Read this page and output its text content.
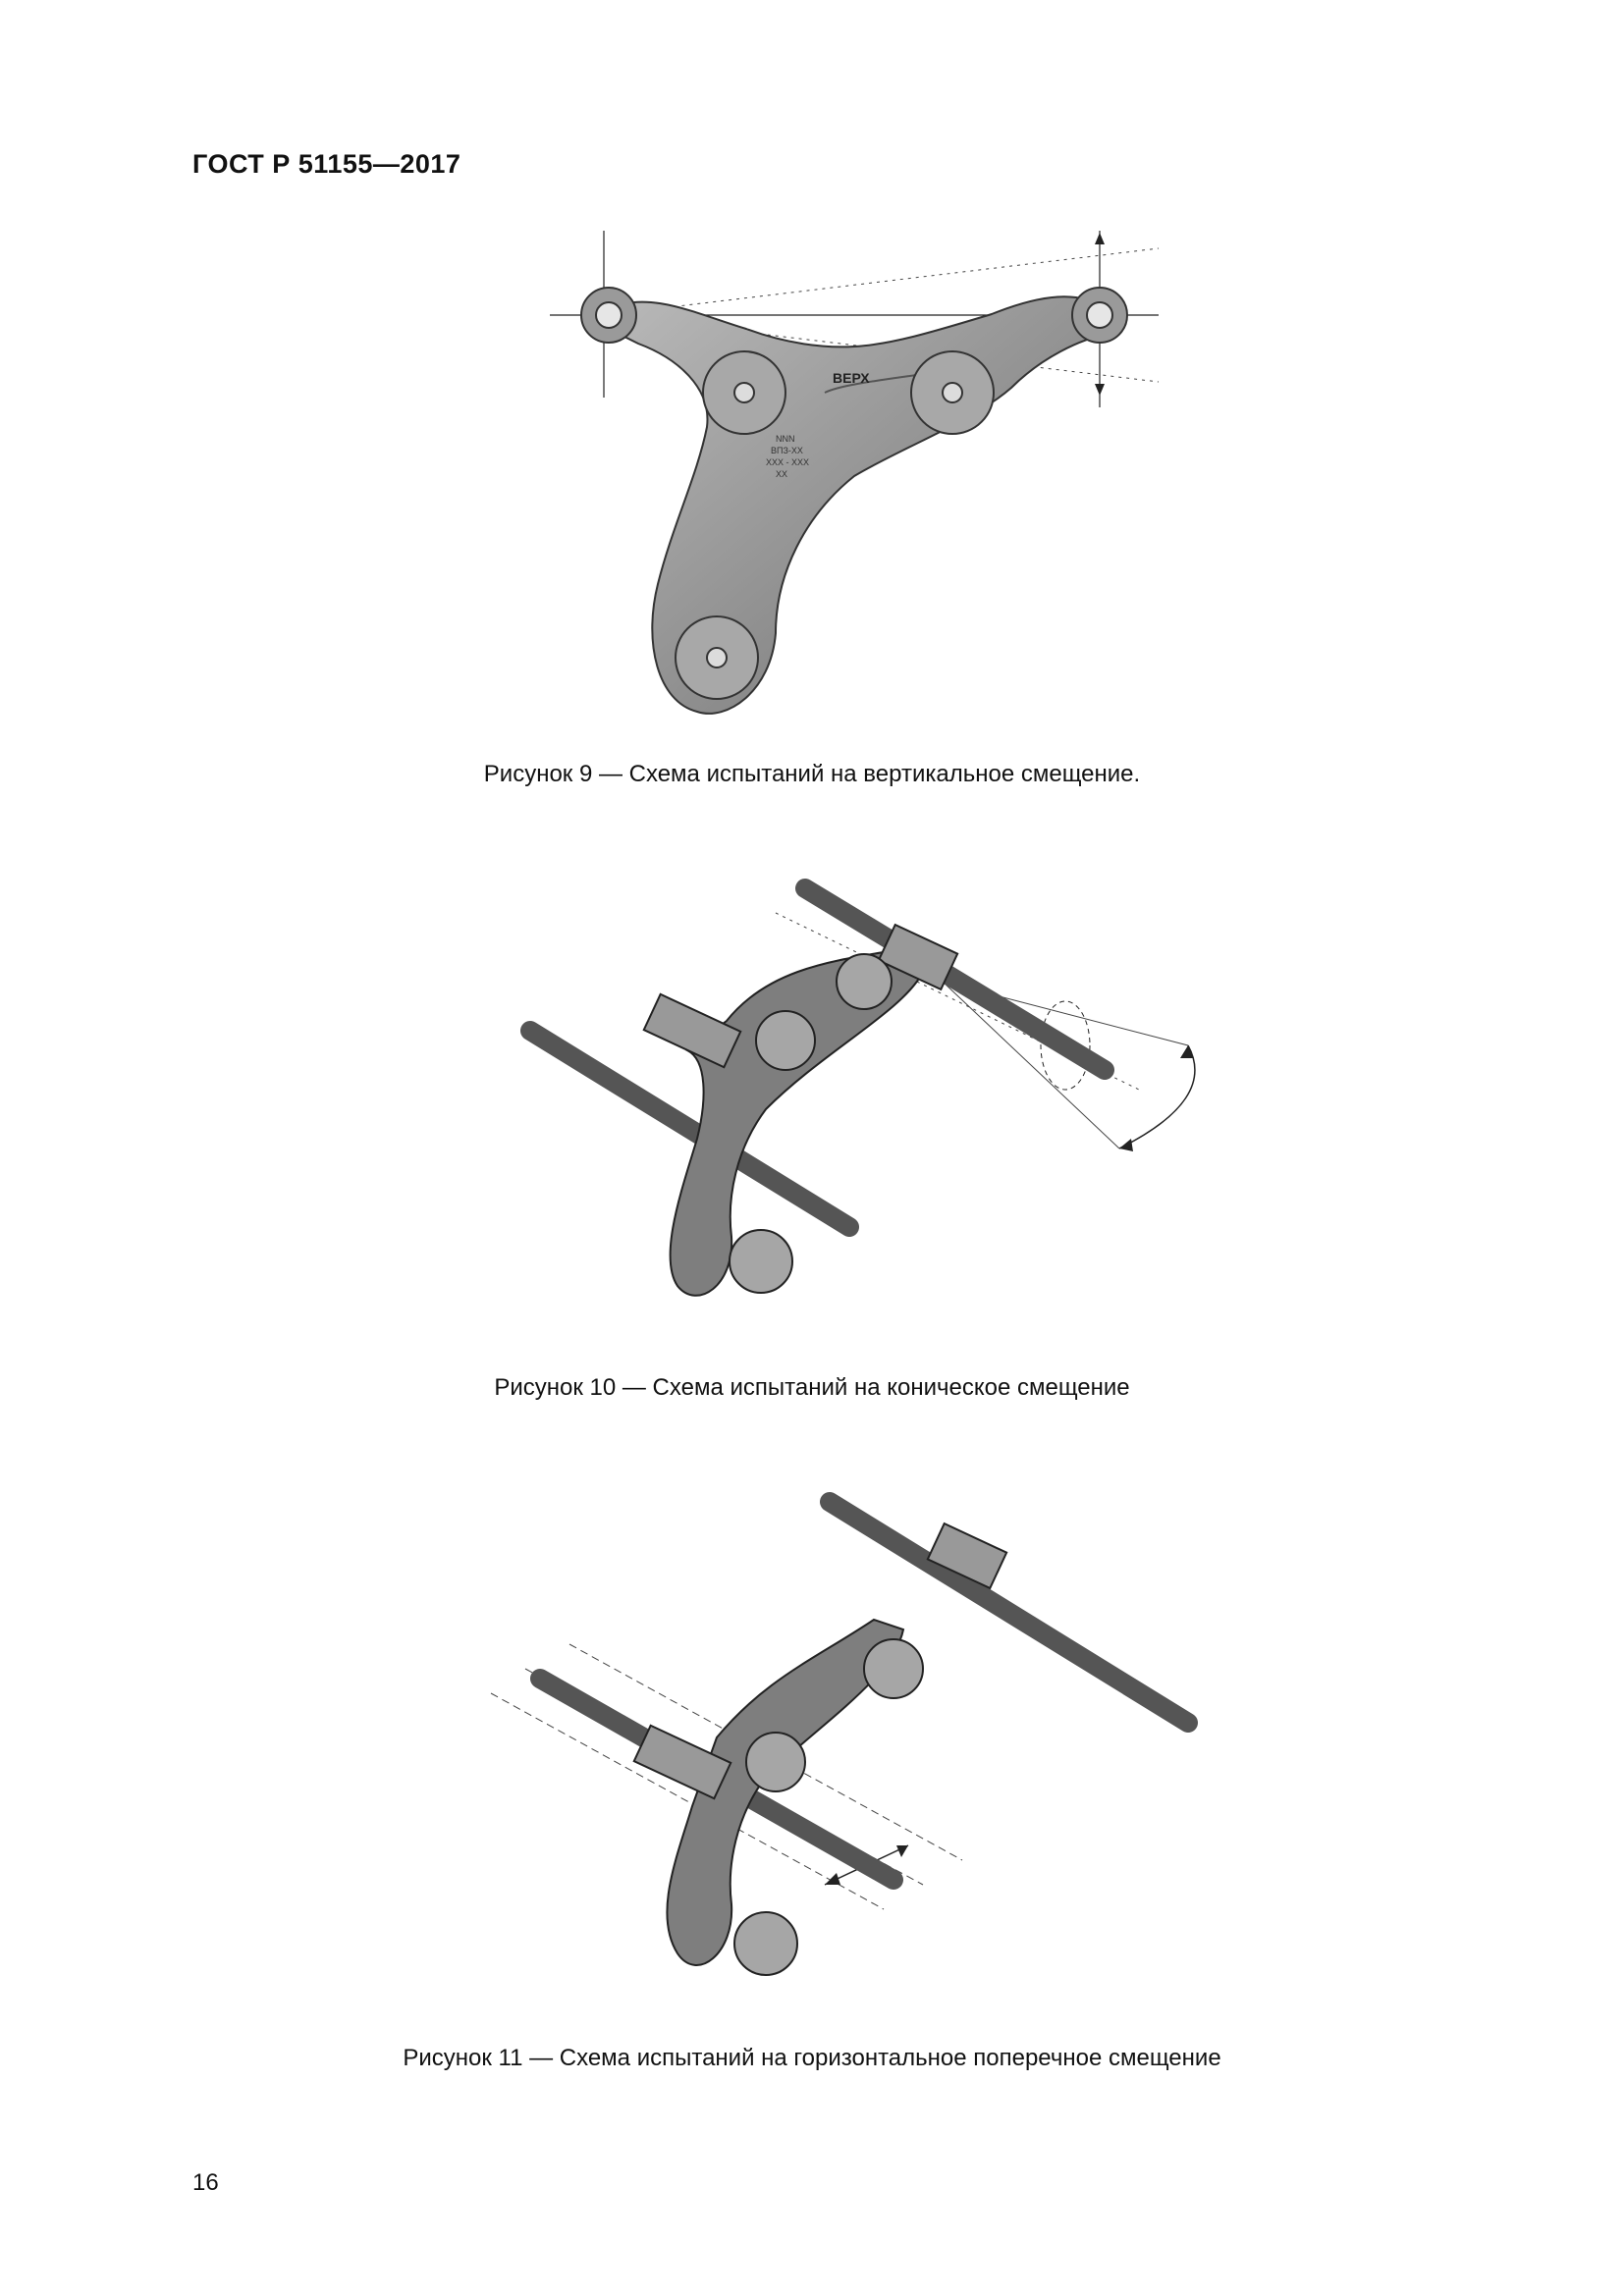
ГОСТ Р 51155—2017
ВЕРХ
NNN
ВПЗ-ХХ
ХХХ - ХХХ
ХХ
Рисунок 9 — Схема испытаний на вертикальное смещение.
Рисунок 10 — Схема испытаний на коническое смещение
Рисунок 11 — Схема испытаний на горизонтальное поперечное смещение
16
